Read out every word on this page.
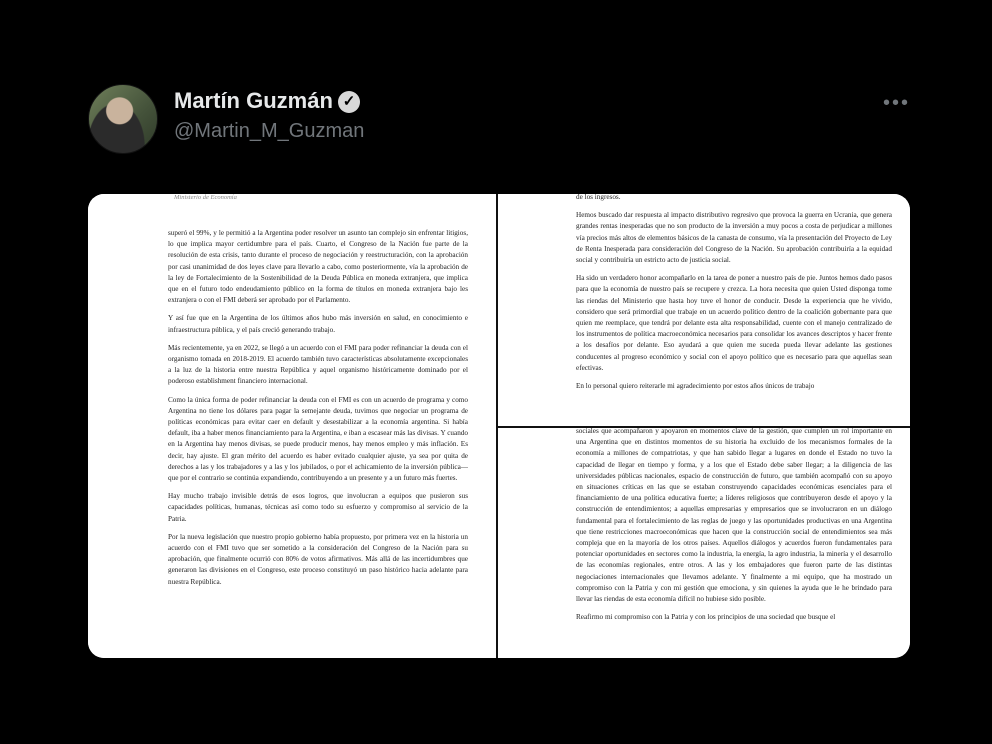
Martín Guzmán ✓
@Martin_M_Guzman
•••
Ministerio de Economía

superó el 99%, y le permitió a la Argentina poder resolver un asunto tan complejo sin enfrentar litigios, lo que implica mayor certidumbre para el país. Cuarto, el Congreso de la Nación fue parte de la resolución de esta crisis, tanto durante el proceso de negociación y reestructuración, con la aprobación por casi unanimidad de dos leyes clave para llevarlo a cabo, como posteriormente, vía la aprobación de la ley de Fortalecimiento de la Sostenibilidad de la Deuda Pública en moneda extranjera, que implica que en el futuro todo endeudamiento público en la forma de títulos en moneda extranjera bajo les extranjera o con el FMI deberá ser aprobado por el Parlamento.

Y así fue que en la Argentina de los últimos años hubo más inversión en salud, en conocimiento e infraestructura pública, y el país creció generando trabajo.

Más recientemente, ya en 2022, se llegó a un acuerdo con el FMI para poder refinanciar la deuda con el organismo tomada en 2018-2019. El acuerdo también tuvo características absolutamente excepcionales a la luz de la historia entre nuestra República y aquel organismo históricamente dominado por el poderoso establishment financiero internacional.

Como la única forma de poder refinanciar la deuda con el FMI es con un acuerdo de programa y como Argentina no tiene los dólares para pagar la semejante deuda, tuvimos que negociar un programa de políticas económicas para evitar caer en default y desestabilizar a la economía argentina. Si había default, iba a haber menos financiamiento para la Argentina, e iban a escasear más las divisas. Y cuando en la Argentina hay menos divisas, se puede producir menos, hay menos empleo y más inflación. Es decir, hay ajuste. El gran mérito del acuerdo es haber evitado cualquier ajuste, ya sea por quita de derechos a las y los trabajadores y a las y los jubilados, o por el achicamiento de la inversión pública—que por el contrario se continúa expandiendo, contribuyendo a un presente y a un futuro más fuertes.

Hay mucho trabajo invisible detrás de esos logros, que involucran a equipos que pusieron sus capacidades políticas, humanas, técnicas así como todo su esfuerzo y compromiso al servicio de la Patria.

Por la nueva legislación que nuestro propio gobierno había propuesto, por primera vez en la historia un acuerdo con el FMI tuvo que ser sometido a la consideración del Congreso de la Nación para su aprobación, que finalmente ocurrió con 80% de votos afirmativos. Más allá de las incertidumbres que generaron las divisiones en el Congreso, este proceso constituyó un paso histórico hacia adelante para nuestra República.

de los ingresos.

Hemos buscado dar respuesta al impacto distributivo regresivo que provoca la guerra en Ucrania, que genera grandes rentas inesperadas que no son producto de la inversión a muy pocos a costa de perjudicar a millones vía precios más altos de elementos básicos de la canasta de consumo, vía la presentación del Proyecto de Ley de Renta Inesperada para consideración del Congreso de la Nación. Su aprobación contribuiría a la equidad social y contribuiría un estricto acto de justicia social.

Ha sido un verdadero honor acompañarlo en la tarea de poner a nuestro país de pie. Juntos hemos dado pasos para que la economía de nuestro país se recupere y crezca. La hora necesita que quien Usted disponga tome las riendas del Ministerio que hasta hoy tuve el honor de conducir. Desde la experiencia que he vivido, considero que será primordial que trabaje en un acuerdo político dentro de la coalición gobernante para que quien me reemplace, que tendrá por delante esta alta responsabilidad, cuente con el manejo centralizado de los instrumentos de política macroeconómica necesarios para consolidar los avances descriptos y hacer frente a los desafíos por delante. Eso ayudará a que quien me suceda pueda llevar adelante las gestiones conducentes al progreso económico y social con el apoyo político que es necesario para que aquellas sean efectivas.

En lo personal quiero reiterarle mi agradecimiento por estos años únicos de trabajo

sociales que acompañaron y apoyaron en momentos clave de la gestión, que cumplen un rol importante en una Argentina que en distintos momentos de su historia ha excluido de los mecanismos formales de la economía a millones de compatriotas, y que han sabido llegar a lugares en donde el Estado no tuvo la capacidad de llegar en tiempo y forma, y a los que el Estado debe saber llegar; a la diligencia de las universidades públicas nacionales, espacio de construcción de futuro, que también acompañó con su apoyo en situaciones críticas en las que se estaban construyendo capacidades económicas esenciales para el financiamiento de una política educativa fuerte; a líderes religiosos que contribuyeron desde el apoyo y la construcción de entendimientos; a aquellas empresarias y empresarios que se involucraron en un diálogo fundamental para el fortalecimiento de las reglas de juego y las oportunidades productivas en una Argentina que tiene restricciones macroeconómicas que hacen que la construcción social de entendimientos sea más compleja que en la mayoría de los otros países. Aquellos diálogos y acuerdos fueron fundamentales para potenciar oportunidades en sectores como la industria, la energía, la agro industria, la minería y el desarrollo de las economías regionales, entre otros. A las y los embajadores que fueron parte de las distintas negociaciones internacionales que llevamos adelante. Y finalmente a mi equipo, que ha mostrado un compromiso con la Patria y con mi gestión que emociona, y sin quienes la ayuda que le he brindado para llevar las riendas de esta economía difícil no hubiese sido posible.

Reafirmo mi compromiso con la Patria y con los principios de una sociedad que busque el
